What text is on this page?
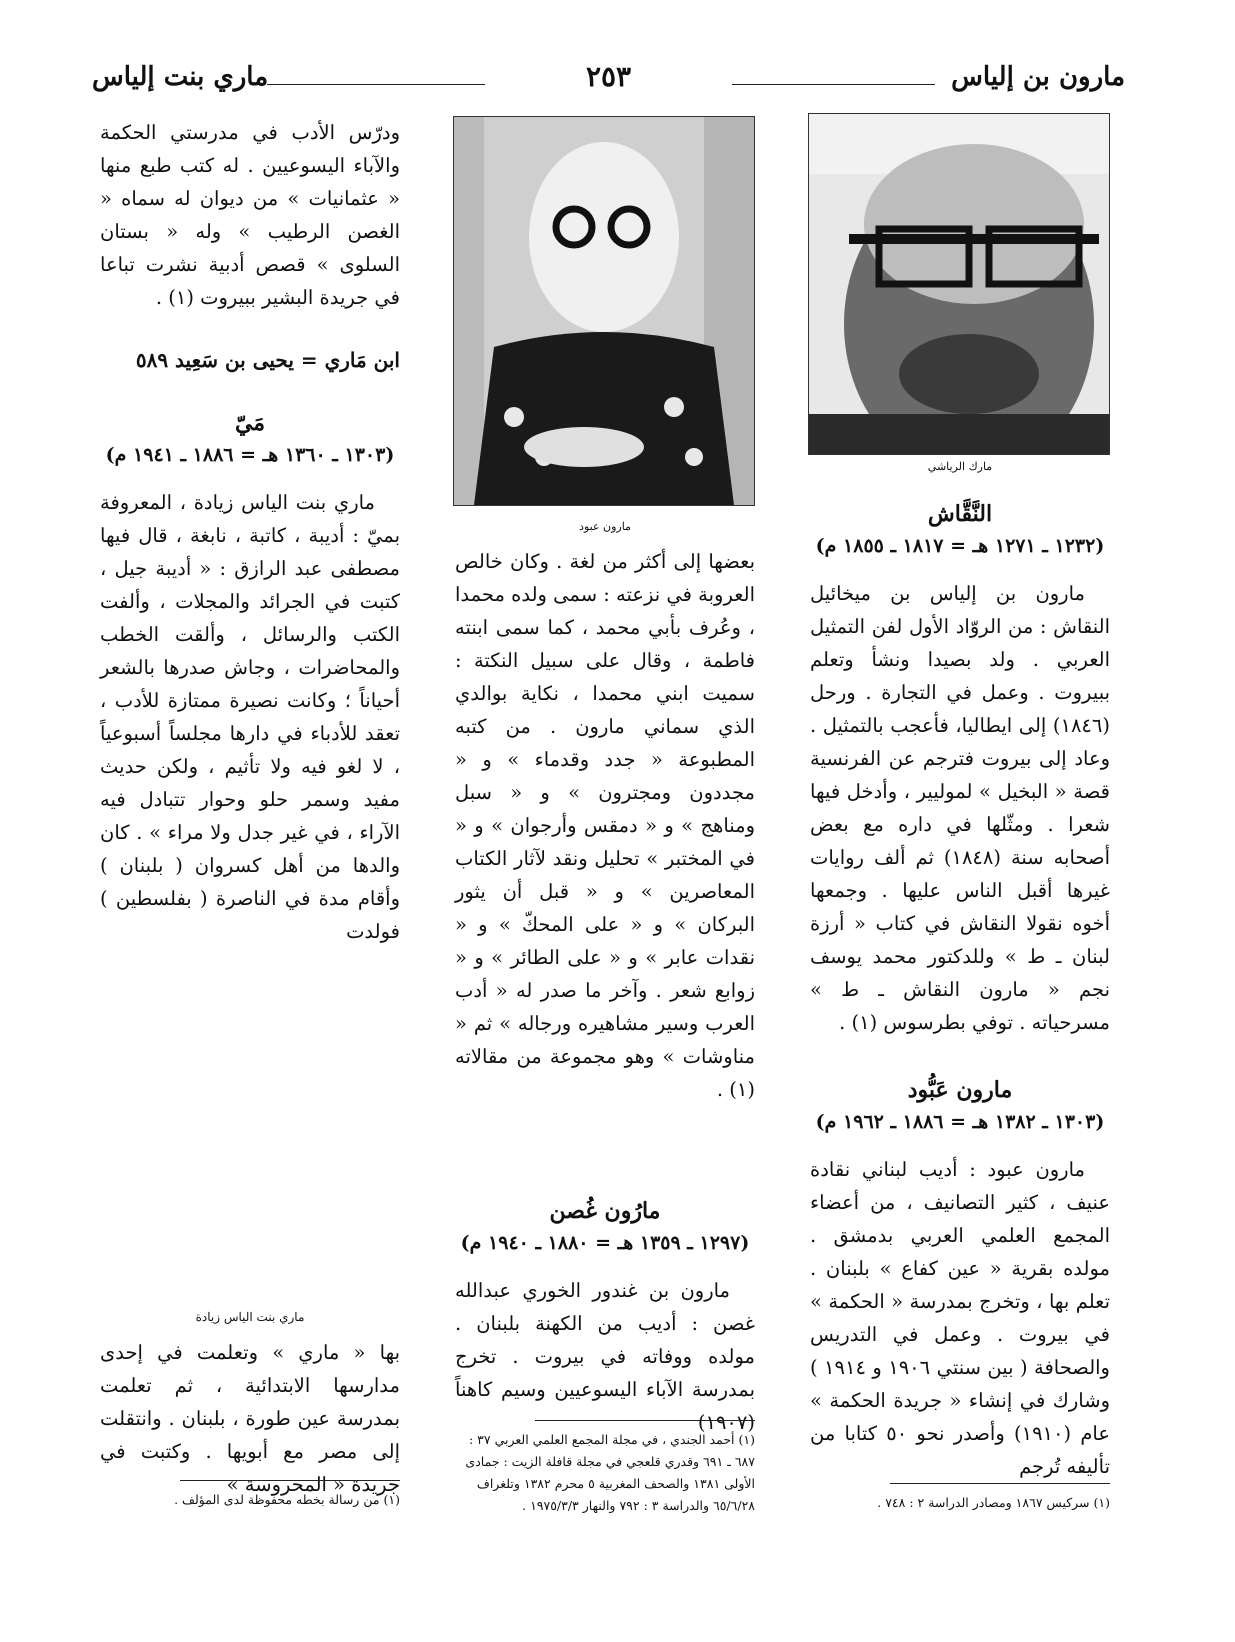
مارون بن إلياس
٢٥٣
ماري بنت إلياس
مارك الرياشي
النَّقَّاش
(١٢٣٢ ـ ١٢٧١ هـ = ١٨١٧ ـ ١٨٥٥ م)

مارون بن إلياس بن ميخائيل النقاش : من الروّاد الأول لفن التمثيل العربي . ولد بصيدا ونشأ وتعلم ببيروت . وعمل في التجارة . ورحل (١٨٤٦) إلى ايطاليا، فأعجب بالتمثيل . وعاد إلى بيروت فترجم عن الفرنسية قصة « البخيل » لموليير ، وأدخل فيها شعرا . ومثّلها في داره مع بعض أصحابه سنة (١٨٤٨) ثم ألف روايات غيرها أقبل الناس عليها . وجمعها أخوه نقولا النقاش في كتاب « أرزة لبنان ـ ط » وللدكتور محمد يوسف نجم « مارون النقاش ـ ط » مسرحياته . توفي بطرسوس (١) .

مارون عَبُّود
(١٣٠٣ ـ ١٣٨٢ هـ = ١٨٨٦ ـ ١٩٦٢ م)

مارون عبود : أديب لبناني نقادة عنيف ، كثير التصانيف ، من أعضاء المجمع العلمي العربي بدمشق . مولده بقرية « عين كفاع » بلبنان . تعلم بها ، وتخرج بمدرسة « الحكمة » في بيروت . وعمل في التدريس والصحافة ( بين سنتي ١٩٠٦ و ١٩١٤ ) وشارك في إنشاء « جريدة الحكمة » عام (١٩١٠) وأصدر نحو ٥٠ كتابا من تأليفه تُرجم

(١) سركيس ١٨٦٧ ومصادر الدراسة ٢ : ٧٤٨ .
مارون عبود

بعضها إلى أكثر من لغة . وكان خالص العروبة في نزعته : سمى ولده محمدا ، وعُرف بأبي محمد ، كما سمى ابنته فاطمة ، وقال على سبيل النكتة : سميت ابني محمدا ، نكاية بوالدي الذي سماني مارون . من كتبه المطبوعة « جدد وقدماء » و « مجددون ومجترون » و « سبل ومناهج » و « دمقس وأرجوان » و « في المختبر » تحليل ونقد لآثار الكتاب المعاصرين » و « قبل أن يثور البركان » و « على المحكّ » و « نقدات عابر » و « على الطائر » و « زوابع شعر . وآخر ما صدر له « أدب العرب وسير مشاهيره ورجاله » ثم « مناوشات » وهو مجموعة من مقالاته (١) .

مارُون غُصن
(١٢٩٧ ـ ١٣٥٩ هـ = ١٨٨٠ ـ ١٩٤٠ م)

مارون بن غندور الخوري عبدالله غصن : أديب من الكهنة بلبنان . مولده ووفاته في بيروت . تخرج بمدرسة الآباء اليسوعيين وسيم كاهناً (١٩٠٧)

(١) أحمد الجندي ، في مجلة المجمع العلمي العربي ٣٧ : ٦٨٧ ـ ٦٩١ وقدري قلعجي في مجلة قافلة الزيت : جمادى الأولى ١٣٨١ والصحف المغربية ٥ محرم ١٣٨٢ وتلغراف ٦٥/٦/٢٨ والدراسة ٣ : ٧٩٢ والنهار ١٩٧٥/٣/٣ .

ودرّس الأدب في مدرستي الحكمة والآباء اليسوعيين . له كتب طبع منها « عثمانيات » من ديوان له سماه « الغصن الرطيب » وله « بستان السلوى » قصص أدبية نشرت تباعا في جريدة البشير ببيروت (١) .

ابن مَاري = يحيى بن سَعِيد ٥٨٩
مَيّ
(١٣٠٣ ـ ١٣٦٠ هـ = ١٨٨٦ ـ ١٩٤١ م)

ماري بنت الياس زيادة ، المعروفة بميّ : أديبة ، كاتبة ، نابغة ، قال فيها مصطفى عبد الرازق : « أديبة جيل ، كتبت في الجرائد والمجلات ، وألفت الكتب والرسائل ، وألقت الخطب والمحاضرات ، وجاش صدرها بالشعر أحياناً ؛ وكانت نصيرة ممتازة للأدب ، تعقد للأدباء في دارها مجلساً أسبوعياً ، لا لغو فيه ولا تأثيم ، ولكن حديث مفيد وسمر حلو وحوار تتبادل فيه الآراء ، في غير جدل ولا مراء » . كان والدها من أهل كسروان ( بلبنان ) وأقام مدة في الناصرة ( بفلسطين ) فولدت

ماري بنت الياس زيادة

بها « ماري » وتعلمت في إحدى مدارسها الابتدائية ، ثم تعلمت بمدرسة عين طورة ، بلبنان . وانتقلت إلى مصر مع أبويها . وكتبت في جريدة « المحروسة »

(١) من رسالة بخطه محفوظة لدى المؤلف .
